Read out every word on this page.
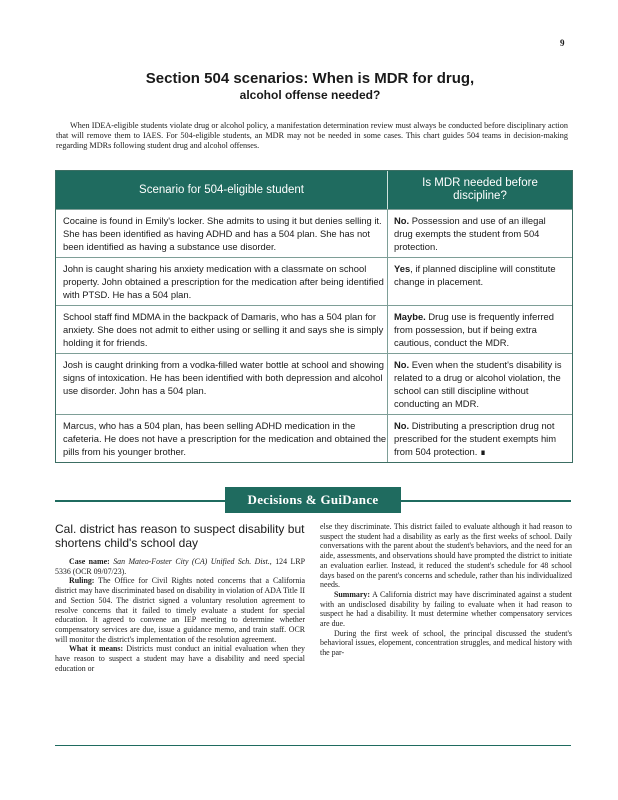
9
Section 504 scenarios: When is MDR for drug,
alcohol offense needed?

When IDEA-eligible students violate drug or alcohol policy, a manifestation determination review must always be conducted before disciplinary action that will remove them to IAES. For 504-eligible students, an MDR may not be needed in some cases. This chart guides 504 teams in decision-making regarding MDRs following student drug and alcohol offenses.

Scenario for 504-eligible student
Is MDR needed before discipline?
Cocaine is found in Emily's locker. She admits to using it but denies selling it. She has been identified as having ADHD and has a 504 plan. She has not been identified as having a substance use disorder.
No. Possession and use of an illegal drug exempts the student from 504 protection.
John is caught sharing his anxiety medication with a classmate on school property. John obtained a prescription for the medication after being identified with PTSD. He has a 504 plan.
Yes, if planned discipline will constitute change in placement.
School staff find MDMA in the backpack of Damaris, who has a 504 plan for anxiety. She does not admit to either using or selling it and says she is simply holding it for friends.
Maybe. Drug use is frequently inferred from possession, but if being extra cautious, conduct the MDR.
Josh is caught drinking from a vodka-filled water bottle at school and showing signs of intoxication. He has been identified with both depression and alcohol use disorder. John has a 504 plan.
No. Even when the student's disability is related to a drug or alcohol violation, the school can still discipline without conducting an MDR.
Marcus, who has a 504 plan, has been selling ADHD medication in the cafeteria. He does not have a prescription for the medication and obtained the pills from his younger brother.
No. Distributing a prescription drug not prescribed for the student exempts him from 504 protection. ∎
Decisions & GuiDance
Cal. district has reason to suspect disability but shortens child's school day

Case name: San Mateo-Foster City (CA) Unified Sch. Dist., 124 LRP 5336 (OCR 09/07/23).

Ruling: The Office for Civil Rights noted concerns that a California district may have discriminated based on disability in violation of ADA Title II and Section 504. The district signed a voluntary resolution agreement to resolve concerns that it failed to timely evaluate a student for special education. It agreed to convene an IEP meeting to determine whether compensatory services are due, issue a guidance memo, and train staff. OCR will monitor the district's implementation of the resolution agreement.

What it means: Districts must conduct an initial evaluation when they have reason to suspect a student may have a disability and need special education or

else they discriminate. This district failed to evaluate although it had reason to suspect the student had a disability as early as the first weeks of school. Daily conversations with the parent about the student's behaviors, and the need for an aide, assessments, and observations should have prompted the district to initiate an evaluation earlier. Instead, it reduced the student's schedule for 48 school days based on the parent's concerns and schedule, rather than his individualized needs.

Summary: A California district may have discriminated against a student with an undisclosed disability by failing to evaluate when it had reason to suspect he had a disability. It must determine whether compensatory services are due.

During the first week of school, the principal discussed the student's behavioral issues, elopement, concentration struggles, and medical history with the par-
